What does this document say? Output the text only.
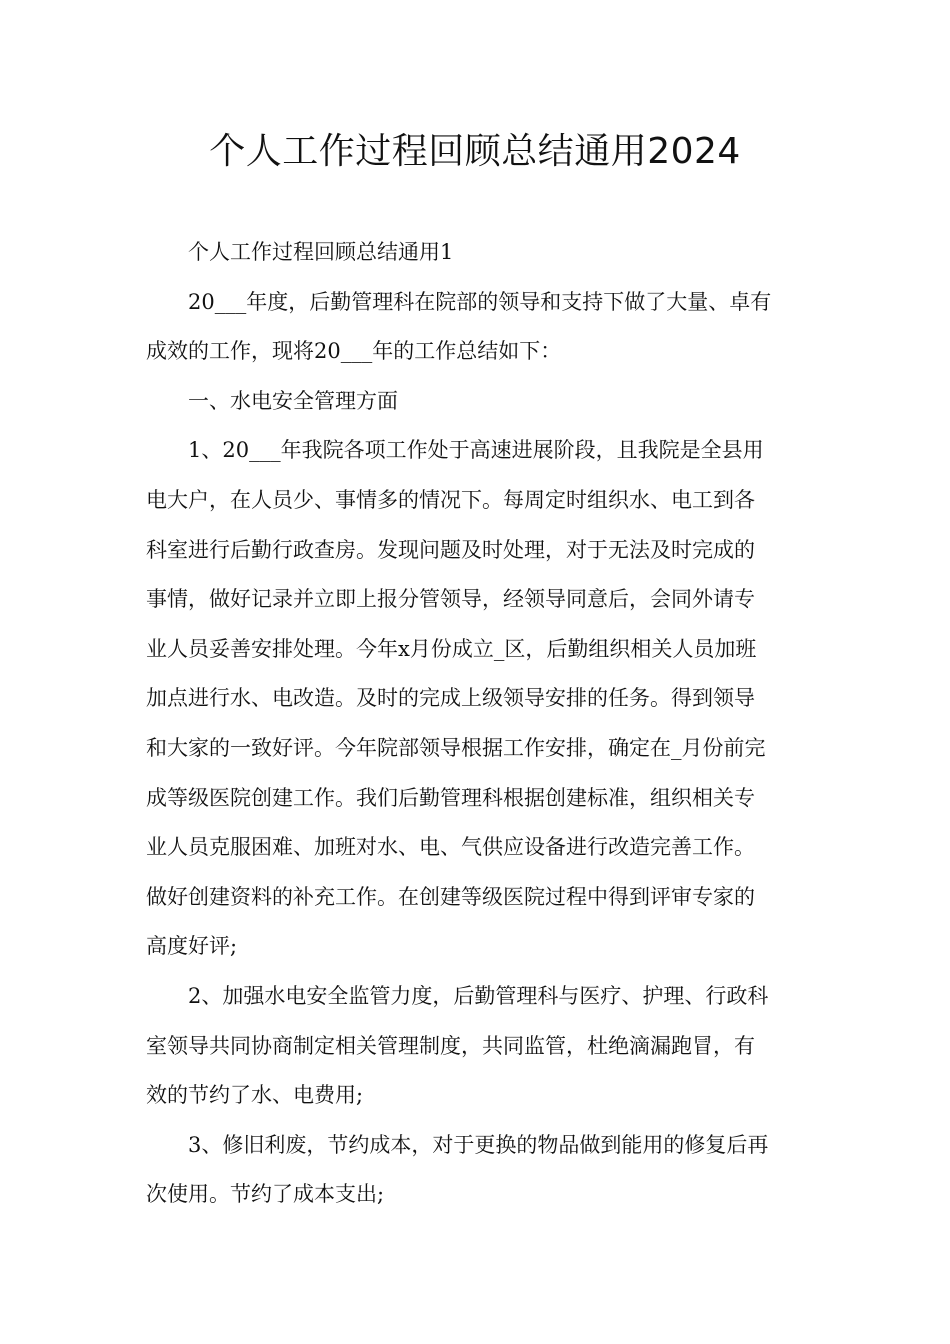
个人工作过程回顾总结通用2024
个人工作过程回顾总结通用1
20___年度，后勤管理科在院部的领导和支持下做了大量、卓有
成效的工作，现将20___年的工作总结如下：
一、水电安全管理方面
1、20___年我院各项工作处于高速进展阶段，且我院是全县用
电大户，在人员少、事情多的情况下。每周定时组织水、电工到各
科室进行后勤行政查房。发现问题及时处理，对于无法及时完成的
事情，做好记录并立即上报分管领导，经领导同意后，会同外请专
业人员妥善安排处理。今年x月份成立_区，后勤组织相关人员加班
加点进行水、电改造。及时的完成上级领导安排的任务。得到领导
和大家的一致好评。今年院部领导根据工作安排，确定在_月份前完
成等级医院创建工作。我们后勤管理科根据创建标准，组织相关专
业人员克服困难、加班对水、电、气供应设备进行改造完善工作。
做好创建资料的补充工作。在创建等级医院过程中得到评审专家的
高度好评;
2、加强水电安全监管力度，后勤管理科与医疗、护理、行政科
室领导共同协商制定相关管理制度，共同监管，杜绝滴漏跑冒，有
效的节约了水、电费用;
3、修旧利废，节约成本，对于更换的物品做到能用的修复后再
次使用。节约了成本支出;
